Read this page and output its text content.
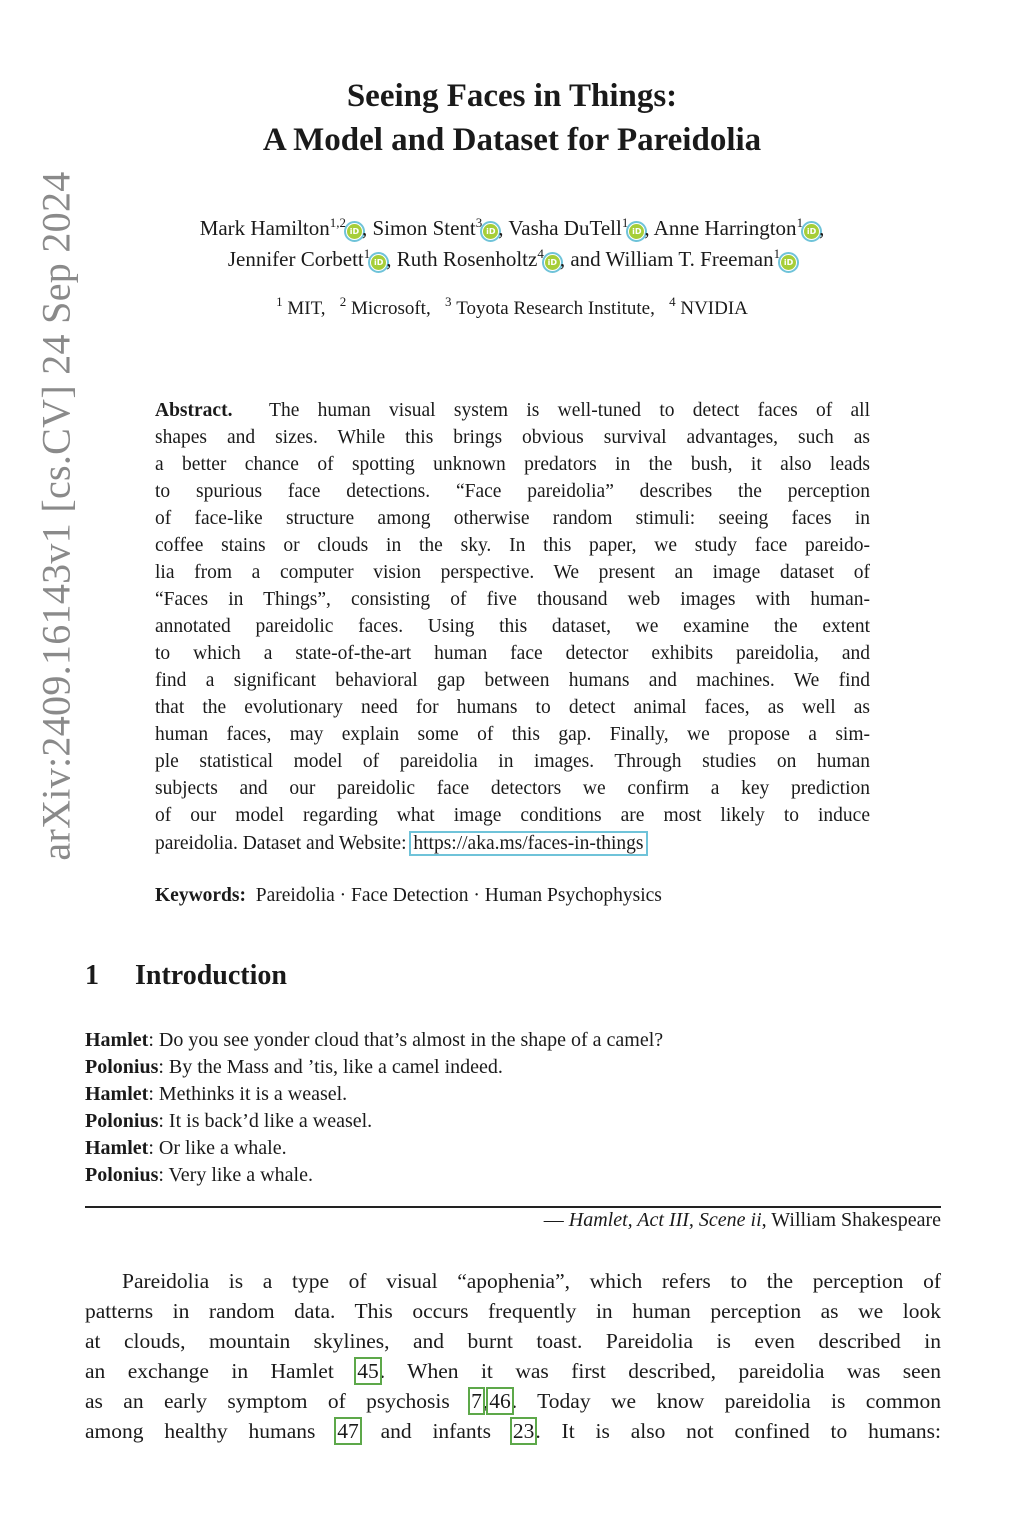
arXiv:2409.16143v1 [cs.CV] 24 Sep 2024
Seeing Faces in Things:
A Model and Dataset for Pareidolia
Mark Hamilton$^{1,2}$iD , Simon Stent$^3$iD , Vasha DuTell$^1$iD , Anne Harrington$^1$iD ,
Jennifer Corbett$^1$iD , Ruth Rosenholtz$^4$iD , and William T. Freeman$^1$iD
$^1$ MIT,   $^2$ Microsoft,   $^3$ Toyota Research Institute,   $^4$ NVIDIA
Abstract. The human visual system is well-tuned to detect faces of all
shapes and sizes. While this brings obvious survival advantages, such as
a better chance of spotting unknown predators in the bush, it also leads
to spurious face detections. “Face pareidolia” describes the perception
of face-like structure among otherwise random stimuli: seeing faces in
coffee stains or clouds in the sky. In this paper, we study face pareido-
lia from a computer vision perspective. We present an image dataset of
“Faces in Things”, consisting of five thousand web images with human-
annotated pareidolic faces. Using this dataset, we examine the extent
to which a state-of-the-art human face detector exhibits pareidolia, and
find a significant behavioral gap between humans and machines. We find
that the evolutionary need for humans to detect animal faces, as well as
human faces, may explain some of this gap. Finally, we propose a sim-
ple statistical model of pareidolia in images. Through studies on human
subjects and our pareidolic face detectors we confirm a key prediction
of our model regarding what image conditions are most likely to induce
pareidolia. Dataset and Website: https://aka.ms/faces-in-things
Keywords: Pareidolia · Face Detection · Human Psychophysics
1 Introduction
Hamlet: Do you see yonder cloud that’s almost in the shape of a camel?
Polonius: By the Mass and ’tis, like a camel indeed.
Hamlet: Methinks it is a weasel.
Polonius: It is back’d like a weasel.
Hamlet: Or like a whale.
Polonius: Very like a whale.
— Hamlet, Act III, Scene ii, William Shakespeare
Pareidolia is a type of visual “apophenia”, which refers to the perception of
patterns in random data. This occurs frequently in human perception as we look
at clouds, mountain skylines, and burnt toast. Pareidolia is even described in
an exchange in Hamlet 45. When it was first described, pareidolia was seen
as an early symptom of psychosis 7,46. Today we know pareidolia is common
among healthy humans 47 and infants 23. It is also not confined to humans:
